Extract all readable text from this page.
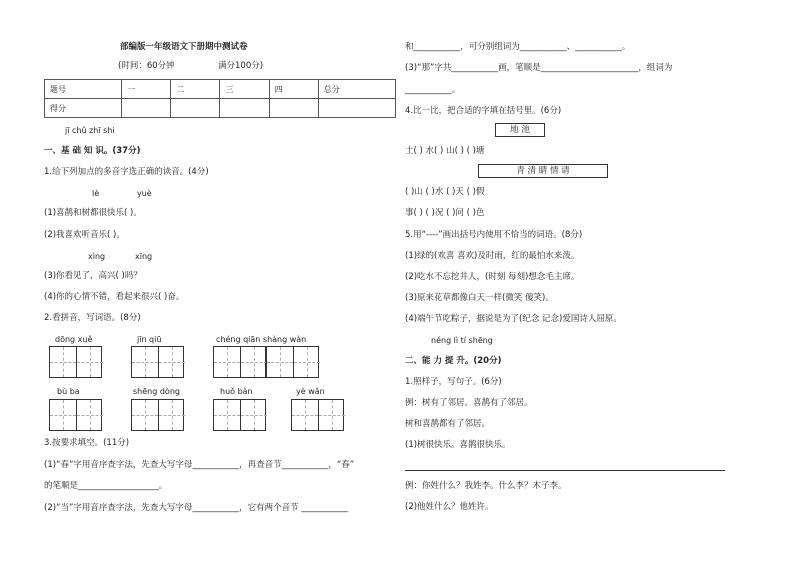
部编版一年级语文下册期中测试卷
(时间：60分钟	满分100分)
题号	一	二	三	四	总分
得分					
jī chǔ zhī shi
一、基 础 知 识。(37分)
1.给下列加点的多音字选正确的读音。(4分)
lè	yuè
(1)喜鹊和树都很快乐( )。
(2)我喜欢听音乐( )。
xìng	xīng
(3)你看见了，高兴( )吗？
(4)你的心情不错，看起来很兴( )奋。
2.看拼音，写词语。(8分)
dōng xuě	jīn qiū	chéng qiān shàng wàn
bù ba	shēng dòng	huǒ bàn	yè wǎn
3.按要求填空。(11分)
(1)“春”字用音序查字法，先查大写字母___________，再查音节___________，“春”
的笔顺是___________________。
(2)“当”字用音序查字法，先查大写字母___________，它有两个音节 ___________
和___________，可分别组词为___________、___________。
(3)“那”字共___________画，笔顺是_______________________，组词为
___________。
4.比一比，把合适的字填在括号里。(6分)
地 池
土( ) 水( ) 山( ) ( )塘
青 清 睛 情 请
( )山 ( )水 ( )天 ( )假
事( ) ( )况 ( )问 ( )色
5.用“----”画出括号内使用不恰当的词语。(8分)
(1)绿的(欢喜 喜欢)及时雨，红的最怕水来泼。
(2)吃水不忘挖井人，(时刻 每刻)想念毛主席。
(3)原来花草都像白天一样(微笑 傻笑)。
(4)端午节吃粽子，据说是为了(纪念 记念)爱国诗人屈原。
néng lì tí shēng
二、能 力 提 升。(20分)
1.照样子，写句子。(6分)
例：树有了邻居。喜鹊有了邻居。
树和喜鹊都有了邻居。
(1)树很快乐。喜鹊很快乐。
例：你姓什么？我姓李。什么李？木子李。
(2)他姓什么？他姓许。
